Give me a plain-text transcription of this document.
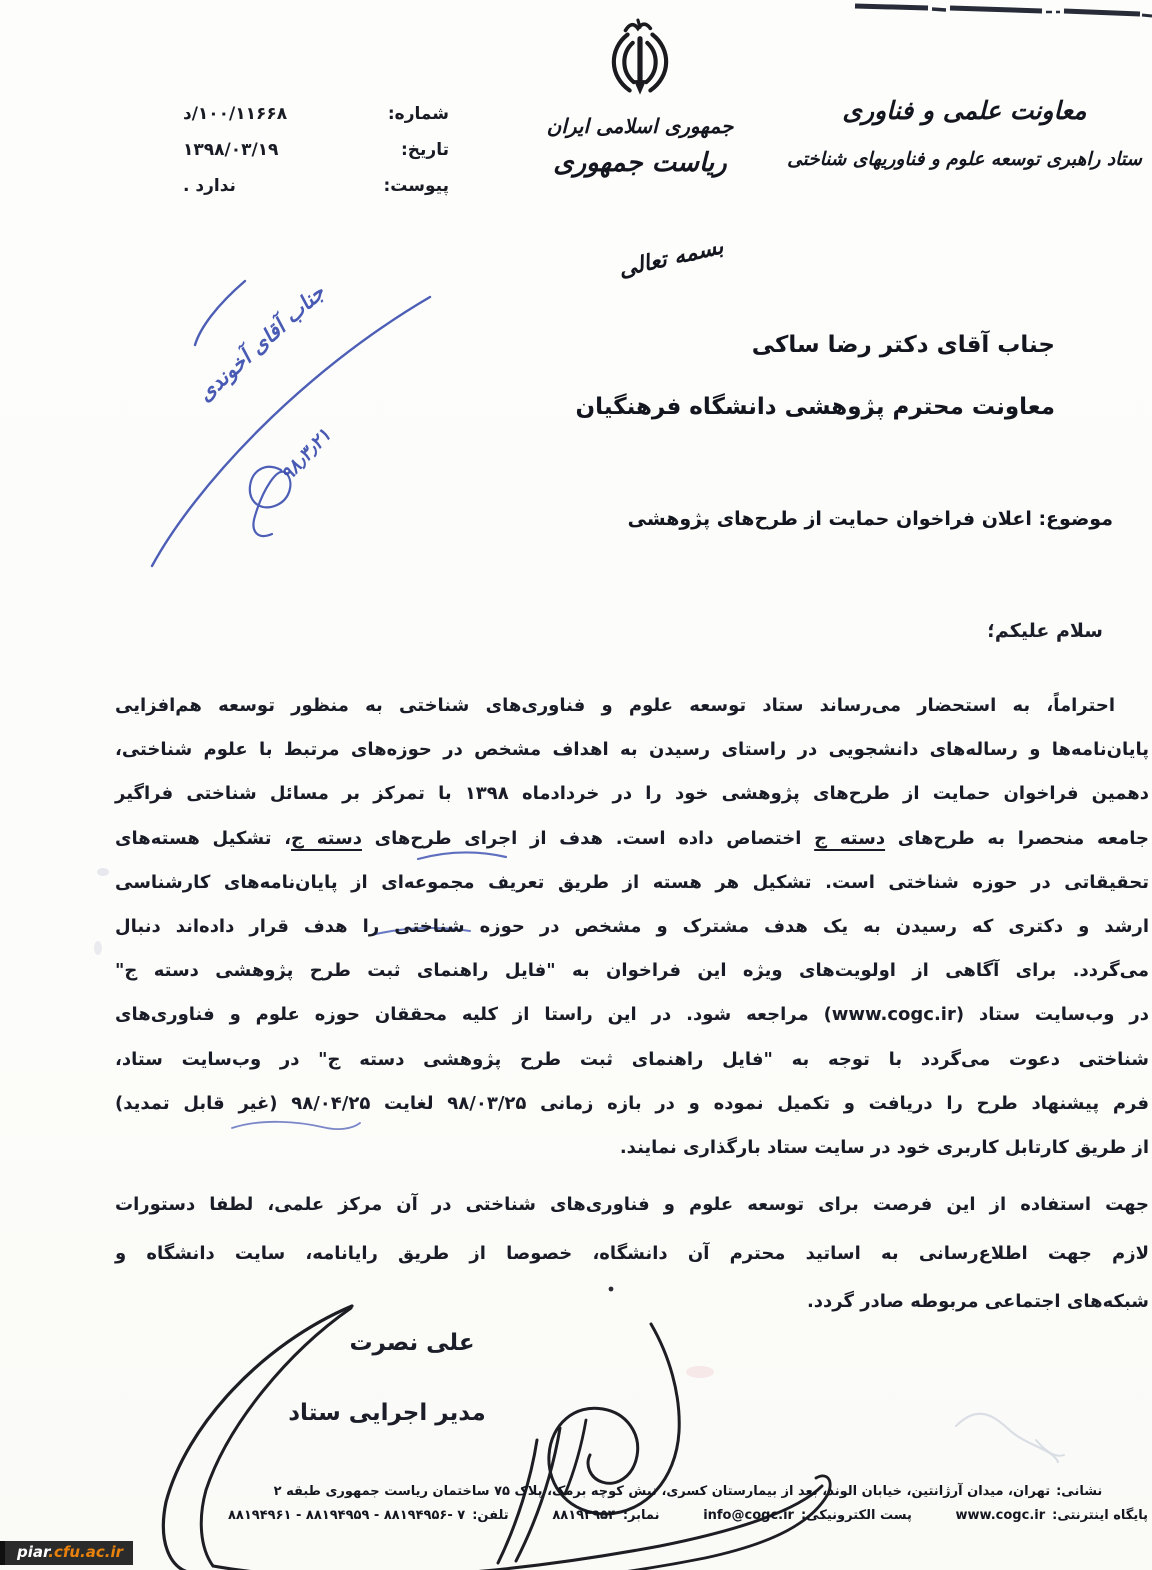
معاونت علمی و فناوری
ستاد راهبری توسعه علوم و فناوریهای شناختی
جمهوری اسلامی ایران
ریاست جمهوری
شماره:
د/۱۰۰/۱۱۶۶۸
تاریخ:
۱۳۹۸/۰۳/۱۹
پیوست:
ندارد .
بسمه تعالی
جناب آقای آخوندی
۹۸٫۳٫۲۱
جناب آقای دکتر رضا ساکی
معاونت محترم پژوهشی دانشگاه فرهنگیان
موضوع: اعلان فراخوان حمایت از طرح‌های پژوهشی
سلام علیکم؛
احتراماً، به استحضار می‌رساند ستاد توسعه علوم و فناوری‌های شناختی به منظور توسعه هم‌افزایی
پایان‌نامه‌ها و رساله‌های دانشجویی در راستای رسیدن به اهداف مشخص در حوزه‌های مرتبط با علوم شناختی،
دهمین فراخوان حمایت از طرح‌های پژوهشی خود را در خردادماه ۱۳۹۸ با تمرکز بر مسائل شناختی فراگیر
جامعه منحصرا به طرح‌های دسته ج اختصاص داده است. هدف از اجرای طرح‌های دسته ج، تشکیل هسته‌های
تحقیقاتی در حوزه شناختی است. تشکیل هر هسته از طریق تعریف مجموعه‌ای از پایان‌نامه‌های کارشناسی
ارشد و دکتری که رسیدن به یک هدف مشترک و مشخص در حوزه شناختی را هدف قرار داده‌اند دنبال
می‌گردد. برای آگاهی از اولویت‌های ویژه این فراخوان به "فایل راهنمای ثبت طرح پژوهشی دسته ج"
در وب‌سایت ستاد (www.cogc.ir) مراجعه شود. در این راستا از کلیه محققان حوزه علوم و فناوری‌های
شناختی دعوت می‌گردد با توجه به "فایل راهنمای ثبت طرح پژوهشی دسته ج" در وب‌سایت ستاد،
فرم پیشنهاد طرح را دریافت و تکمیل نموده و در بازه زمانی ۹۸/۰۳/۲۵ لغایت ۹۸/۰۴/۲۵ (غیر قابل تمدید)
از طریق کارتابل کاربری خود در سایت ستاد بارگذاری نمایند.
جهت استفاده از این فرصت برای توسعه علوم و فناوری‌های شناختی در آن مرکز علمی، لطفا دستورات
لازم جهت اطلاع‌رسانی به اساتید محترم آن دانشگاه، خصوصا از طریق رایانامه، سایت دانشگاه و
شبکه‌های اجتماعی مربوطه صادر گردد.
علی نصرت
مدیر اجرایی ستاد
نشانی:تهران، میدان آرژانتین، خیابان الوند، بعد از بیمارستان کسری، نبش کوچه برمک، پلاک ۷۵ ساختمان ریاست جمهوری طبقه ۲
پایگاه اینترنتی:
www.cogc.ir
پست الکترونیکی:
info@cogc.ir
نمابر:
۸۸۱۹۳۹۵۴
تلفن:
۸۸۱۹۴۹۶۱ - ۸۸۱۹۴۹۵۹ - ۸۸۱۹۴۹۵۶- ۷
piar.cfu.ac.ir
